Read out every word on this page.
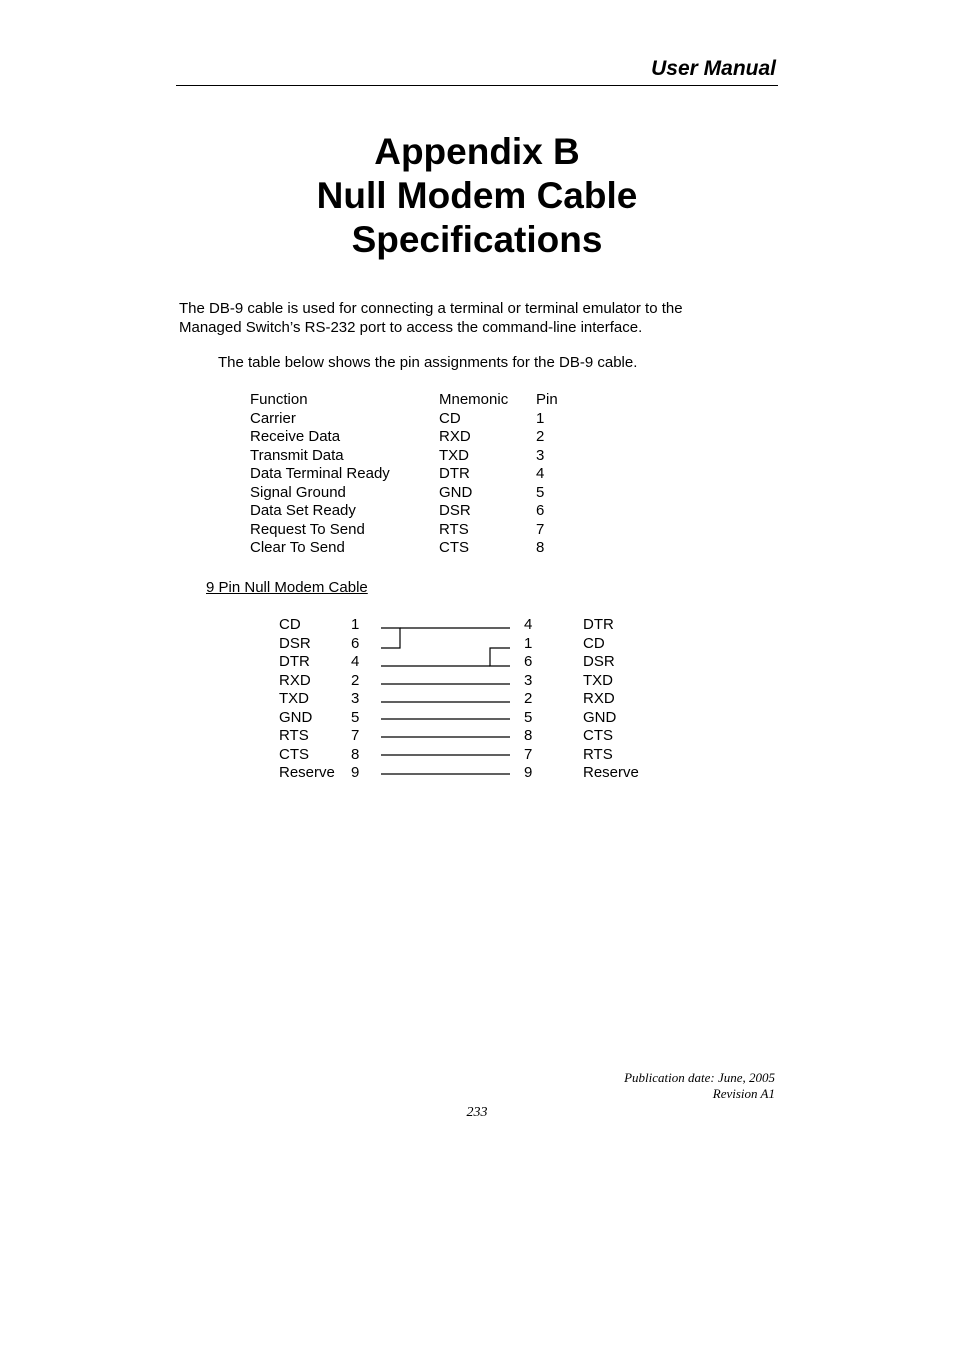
User Manual
Appendix B
Null Modem Cable
Specifications
The DB-9 cable is used for connecting a terminal or terminal emulator to the
Managed Switch’s RS-232 port to access the command-line interface.
The table below shows the pin assignments for the DB-9 cable.
Function	Mnemonic Pin
Carrier	CD	1
Receive Data	RXD	2
Transmit Data	TXD	3
Data Terminal Ready	DTR	4
Signal Ground	GND	5
Data Set Ready	DSR	6
Request To Send	RTS	7
Clear To Send	CTS	8
9 Pin Null Modem Cable
CD	1	4	DTR
DSR	6	1	CD
DTR	4	6	DSR
RXD	2	3	TXD
TXD	3	2	RXD
GND	5	5	GND
RTS	7	8	CTS
CTS	8	7	RTS
Reserve 9	9	Reserve
Publication date: June, 2005
Revision A1
233
